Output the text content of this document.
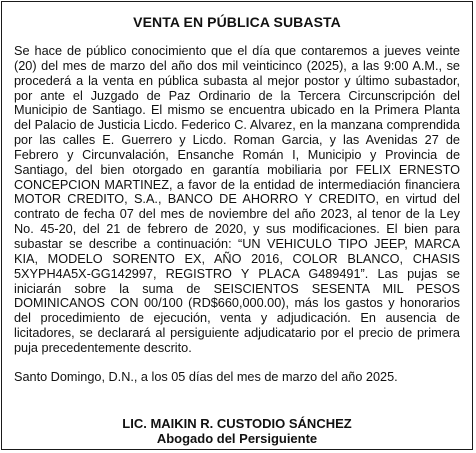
VENTA EN PÚBLICA SUBASTA

Se hace de público conocimiento que el día que contaremos a jueves veinte (20) del mes de marzo del año dos mil veinticinco (2025), a las 9:00 A.M., se procederá a la venta en pública subasta al mejor postor y último subastador, por ante el Juzgado de Paz Ordinario de la Tercera Circunscripción del Municipio de Santiago. El mismo se encuentra ubicado en la Primera Planta del Palacio de Justicia Licdo. Federico C. Alvarez, en la manzana comprendida por las calles E. Guerrero y Licdo. Roman Garcia, y las Avenidas 27 de Febrero y Circunvalación, Ensanche Román I, Municipio y Provincia de Santiago, del bien otorgado en garantía mobiliaria por FELIX ERNESTO CONCEPCION MARTINEZ, a favor de la entidad de intermediación financiera MOTOR CREDITO, S.A., BANCO DE AHORRO Y CREDITO, en virtud del contrato de fecha 07 del mes de noviembre del año 2023, al tenor de la Ley No. 45-20, del 21 de febrero de 2020, y sus modificaciones. El bien para subastar se describe a continuación: “UN VEHICULO TIPO JEEP, MARCA KIA, MODELO SORENTO EX, AÑO 2016, COLOR BLANCO, CHASIS 5XYPH4A5X-GG142997, REGISTRO Y PLACA G489491”. Las pujas se iniciarán sobre la suma de SEISCIENTOS SESENTA MIL PESOS DOMINICANOS CON 00/100 (RD$660,000.00), más los gastos y honorarios del procedimiento de ejecución, venta y adjudicación. En ausencia de licitadores, se declarará al persiguiente adjudicatario por el precio de primera puja precedentemente descrito.

Santo Domingo, D.N., a los 05 días del mes de marzo del año 2025.

LIC. MAIKIN R. CUSTODIO SÁNCHEZ
Abogado del Persiguiente
